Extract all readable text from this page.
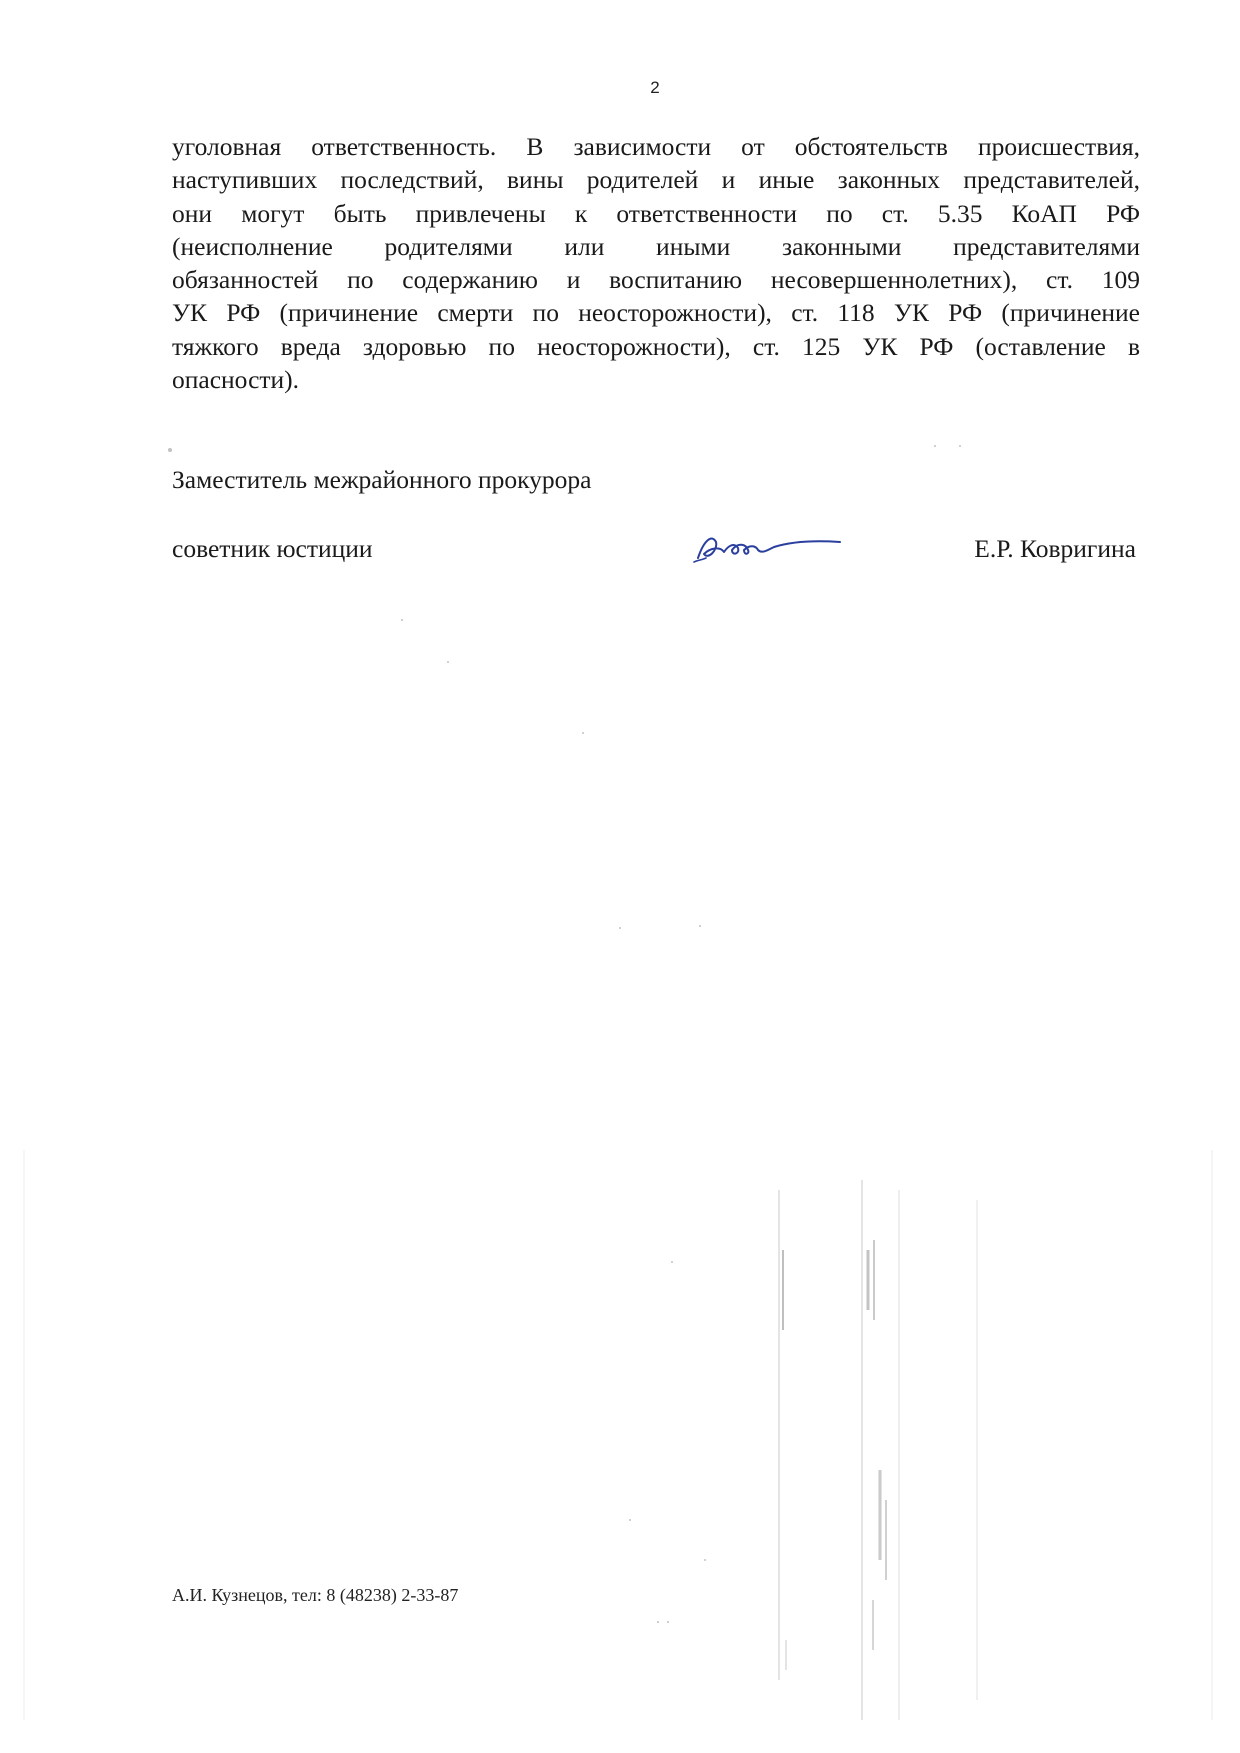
2
уголовная ответственность. В зависимости от обстоятельств происшествия,
наступивших последствий, вины родителей и иные законных представителей,
они могут быть привлечены к ответственности по ст. 5.35 КоАП РФ
(неисполнение родителями или иными законными представителями
обязанностей по содержанию и воспитанию несовершеннолетних), ст. 109
УК РФ (причинение смерти по неосторожности), ст. 118 УК РФ (причинение
тяжкого вреда здоровью по неосторожности), ст. 125 УК РФ (оставление в
опасности).
Заместитель межрайонного прокурора
советник юстиции	Е.Р. Ковригина
А.И. Кузнецов, тел: 8 (48238) 2-33-87
